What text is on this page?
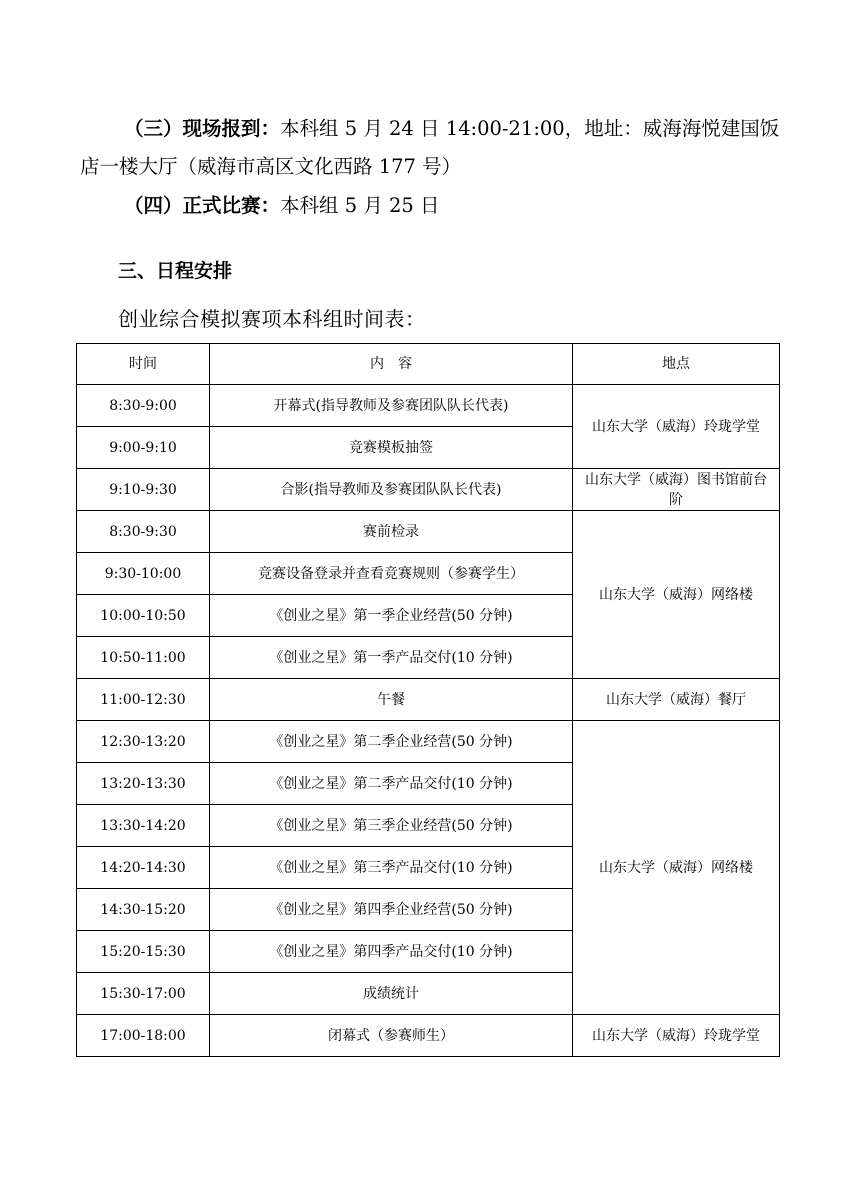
（三）现场报到：本科组 5 月 24 日 14:00-21:00，地址：威海海悦建国饭店一楼大厅（威海市高区文化西路 177 号）
（四）正式比赛：本科组 5 月 25 日
三、日程安排
创业综合模拟赛项本科组时间表：
时间	内　容	地点
8:30-9:00	开幕式(指导教师及参赛团队队长代表)	山东大学（威海）玲珑学堂
9:00-9:10	竞赛模板抽签	
9:10-9:30	合影(指导教师及参赛团队队长代表)	山东大学（威海）图书馆前台阶
8:30-9:30	赛前检录	山东大学（威海）网络楼
9:30-10:00	竞赛设备登录并查看竞赛规则（参赛学生）	
10:00-10:50	《创业之星》第一季企业经营(50 分钟)	
10:50-11:00	《创业之星》第一季产品交付(10 分钟)	
11:00-12:30	午餐	山东大学（威海）餐厅
12:30-13:20	《创业之星》第二季企业经营(50 分钟)	山东大学（威海）网络楼
13:20-13:30	《创业之星》第二季产品交付(10 分钟)	
13:30-14:20	《创业之星》第三季企业经营(50 分钟)	
14:20-14:30	《创业之星》第三季产品交付(10 分钟)	
14:30-15:20	《创业之星》第四季企业经营(50 分钟)	
15:20-15:30	《创业之星》第四季产品交付(10 分钟)	
15:30-17:00	成绩统计	
17:00-18:00	闭幕式（参赛师生）	山东大学（威海）玲珑学堂
